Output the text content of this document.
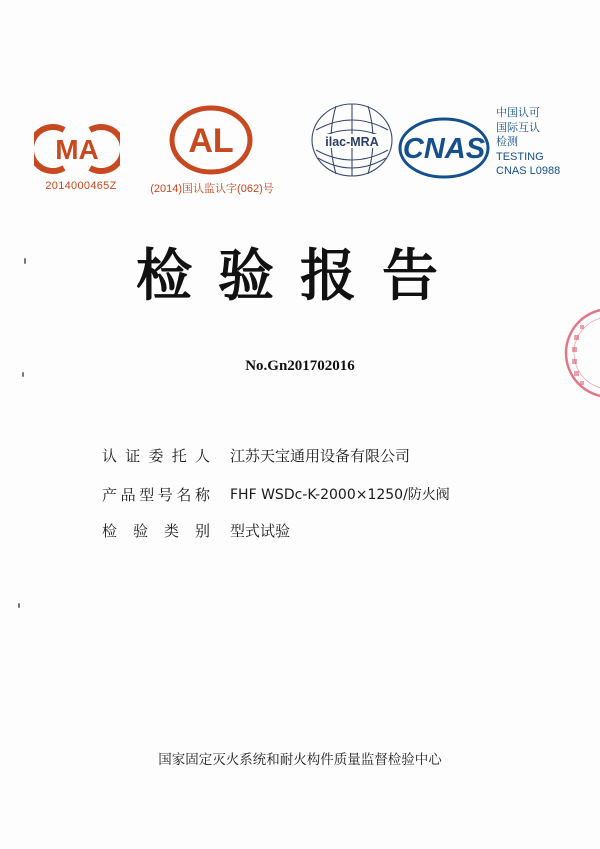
MA
2014000465Z
AL
(2014)国认监认字(062)号
ilac-MRA CNAS
中国认可
国际互认
检测
TESTING
CNAS L0988
检验报告
No.Gn201702016
认 证 委 托 人 江苏天宝通用设备有限公司
产 品 型 号 名 称 FHF WSDc-K-2000×1250/防火阀
检 验 类 别 型式试验
国家固定灭火系统和耐火构件质量监督检验中心
